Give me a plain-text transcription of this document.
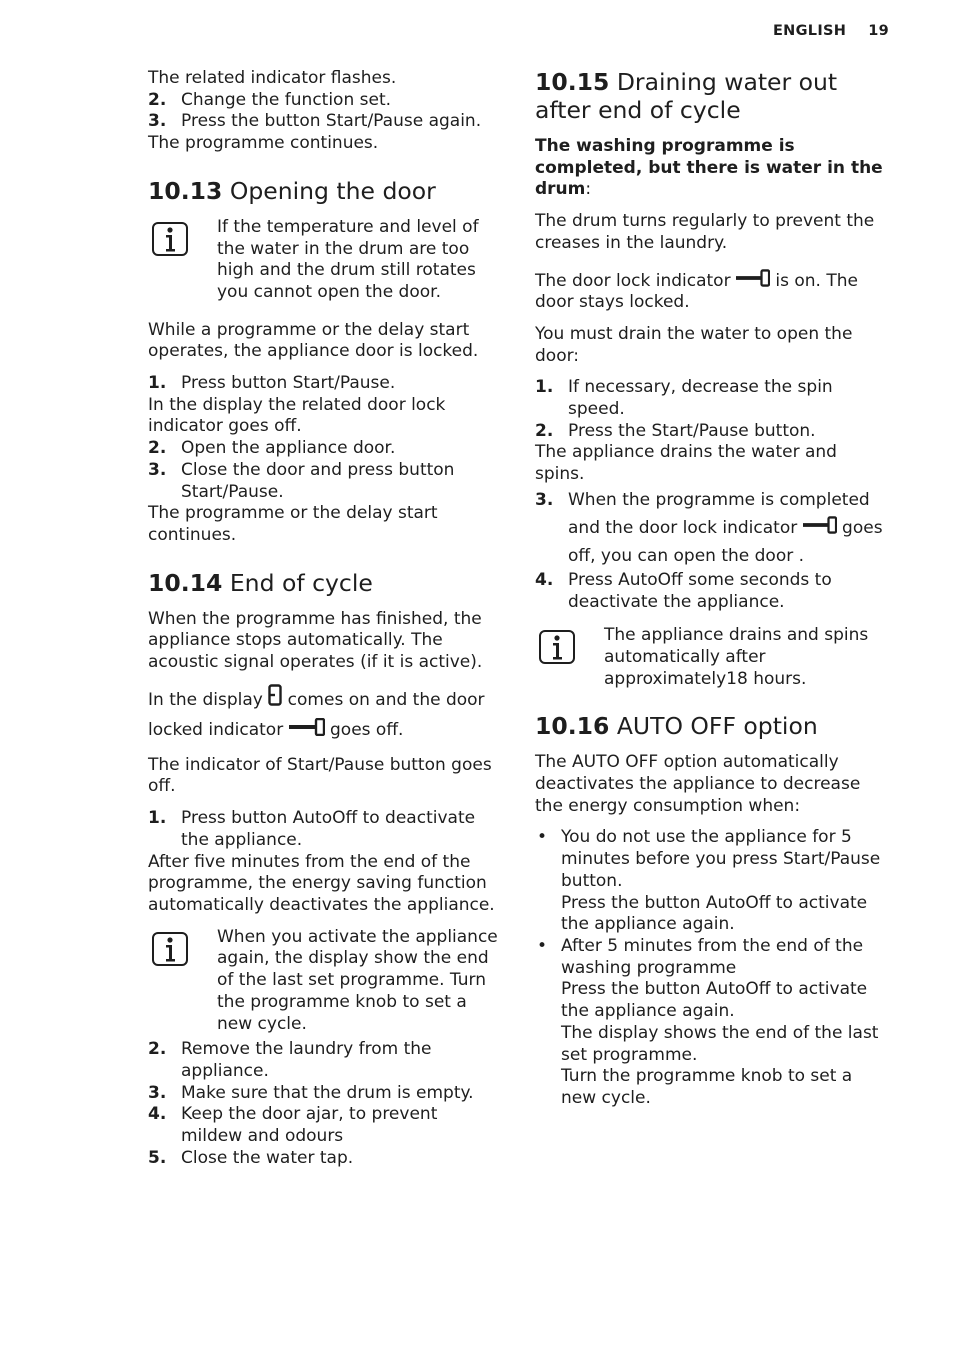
ENGLISH 19

The related indicator flashes.

2. Change the function set.
3. Press the button Start/Pause again.

The programme continues.

10.13 Opening the door

If the temperature and level of the water in the drum are too high and the drum still rotates you cannot open the door.

While a programme or the delay start operates, the appliance door is locked.

1. Press button Start/Pause.

In the display the related door lock indicator goes off.

2. Open the appliance door.
3. Close the door and press button Start/Pause.

The programme or the delay start continues.

10.14 End of cycle

When the programme has finished, the appliance stops automatically. The acoustic signal operates (if it is active).

In the display comes on and the door locked indicator	goes off.

The indicator of Start/Pause button goes off.

1. Press button AutoOff to deactivate the appliance.

After five minutes from the end of the programme, the energy saving function automatically deactivates the appliance.

When you activate the appliance again, the display show the end of the last set programme. Turn the programme knob to set a new cycle.

2. Remove the laundry from the appliance.
3. Make sure that the drum is empty.
4. Keep the door ajar, to prevent mildew and odours
5. Close the water tap.
10.15 Draining water out after end of cycle

The washing programme is completed, but there is water in the drum:

The drum turns regularly to prevent the creases in the laundry.

The door lock indicator	is on. The door stays locked.

You must drain the water to open the door:

1. If necessary, decrease the spin speed.
2. Press the Start/Pause button.

The appliance drains the water and spins.

3. When the programme is completed and the door lock indicator	goes off, you can open the door .
4. Press AutoOff some seconds to deactivate the appliance.

The appliance drains and spins automatically after approximately18 hours.

10.16 AUTO OFF option

The AUTO OFF option automatically deactivates the appliance to decrease the energy consumption when:

• You do not use the appliance for 5 minutes before you press Start/Pause button.

Press the button AutoOff to activate the appliance again.

• After 5 minutes from the end of the washing programme

Press the button AutoOff to activate the appliance again.

The display shows the end of the last set programme.

Turn the programme knob to set a new cycle.
